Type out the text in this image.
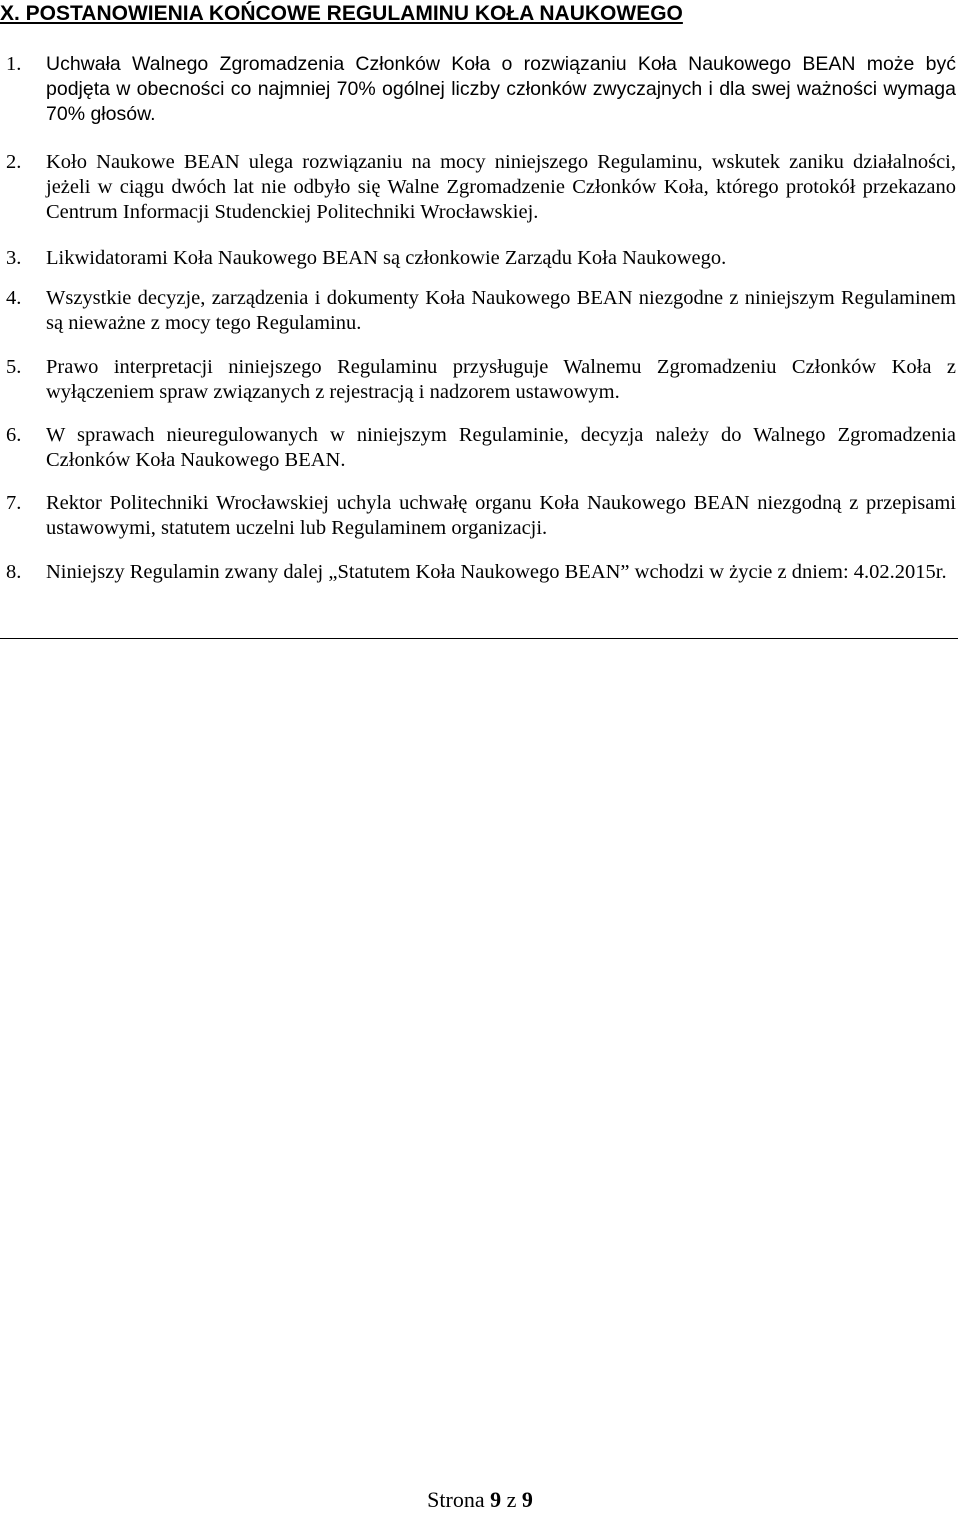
X. POSTANOWIENIA KOŃCOWE REGULAMINU KOŁA NAUKOWEGO
1.	Uchwała Walnego Zgromadzenia Członków Koła o rozwiązaniu Koła Naukowego BEAN może być podjęta w obecności co najmniej 70% ogólnej liczby członków zwyczajnych i dla swej ważności wymaga 70% głosów.
2.	Koło Naukowe BEAN ulega rozwiązaniu na mocy niniejszego Regulaminu, wskutek zaniku działalności, jeżeli w ciągu dwóch lat nie odbyło się Walne Zgromadzenie Członków Koła, którego protokół przekazano Centrum Informacji Studenckiej Politechniki Wrocławskiej.
3.	Likwidatorami Koła Naukowego BEAN są członkowie Zarządu Koła Naukowego.
4.	Wszystkie decyzje, zarządzenia i dokumenty Koła Naukowego BEAN niezgodne z niniejszym Regulaminem są nieważne z mocy tego Regulaminu.
5.	Prawo interpretacji niniejszego Regulaminu przysługuje Walnemu Zgromadzeniu Członków Koła z wyłączeniem spraw związanych z rejestracją i nadzorem ustawowym.
6.	W sprawach nieuregulowanych w niniejszym Regulaminie, decyzja należy do Walnego Zgromadzenia Członków Koła Naukowego BEAN.
7.	Rektor Politechniki Wrocławskiej uchyla uchwałę organu Koła Naukowego BEAN niezgodną z przepisami ustawowymi, statutem uczelni lub Regulaminem organizacji.
8.	Niniejszy Regulamin zwany dalej „Statutem Koła Naukowego BEAN” wchodzi w życie z dniem: 4.02.2015r.
Strona 9 z 9
